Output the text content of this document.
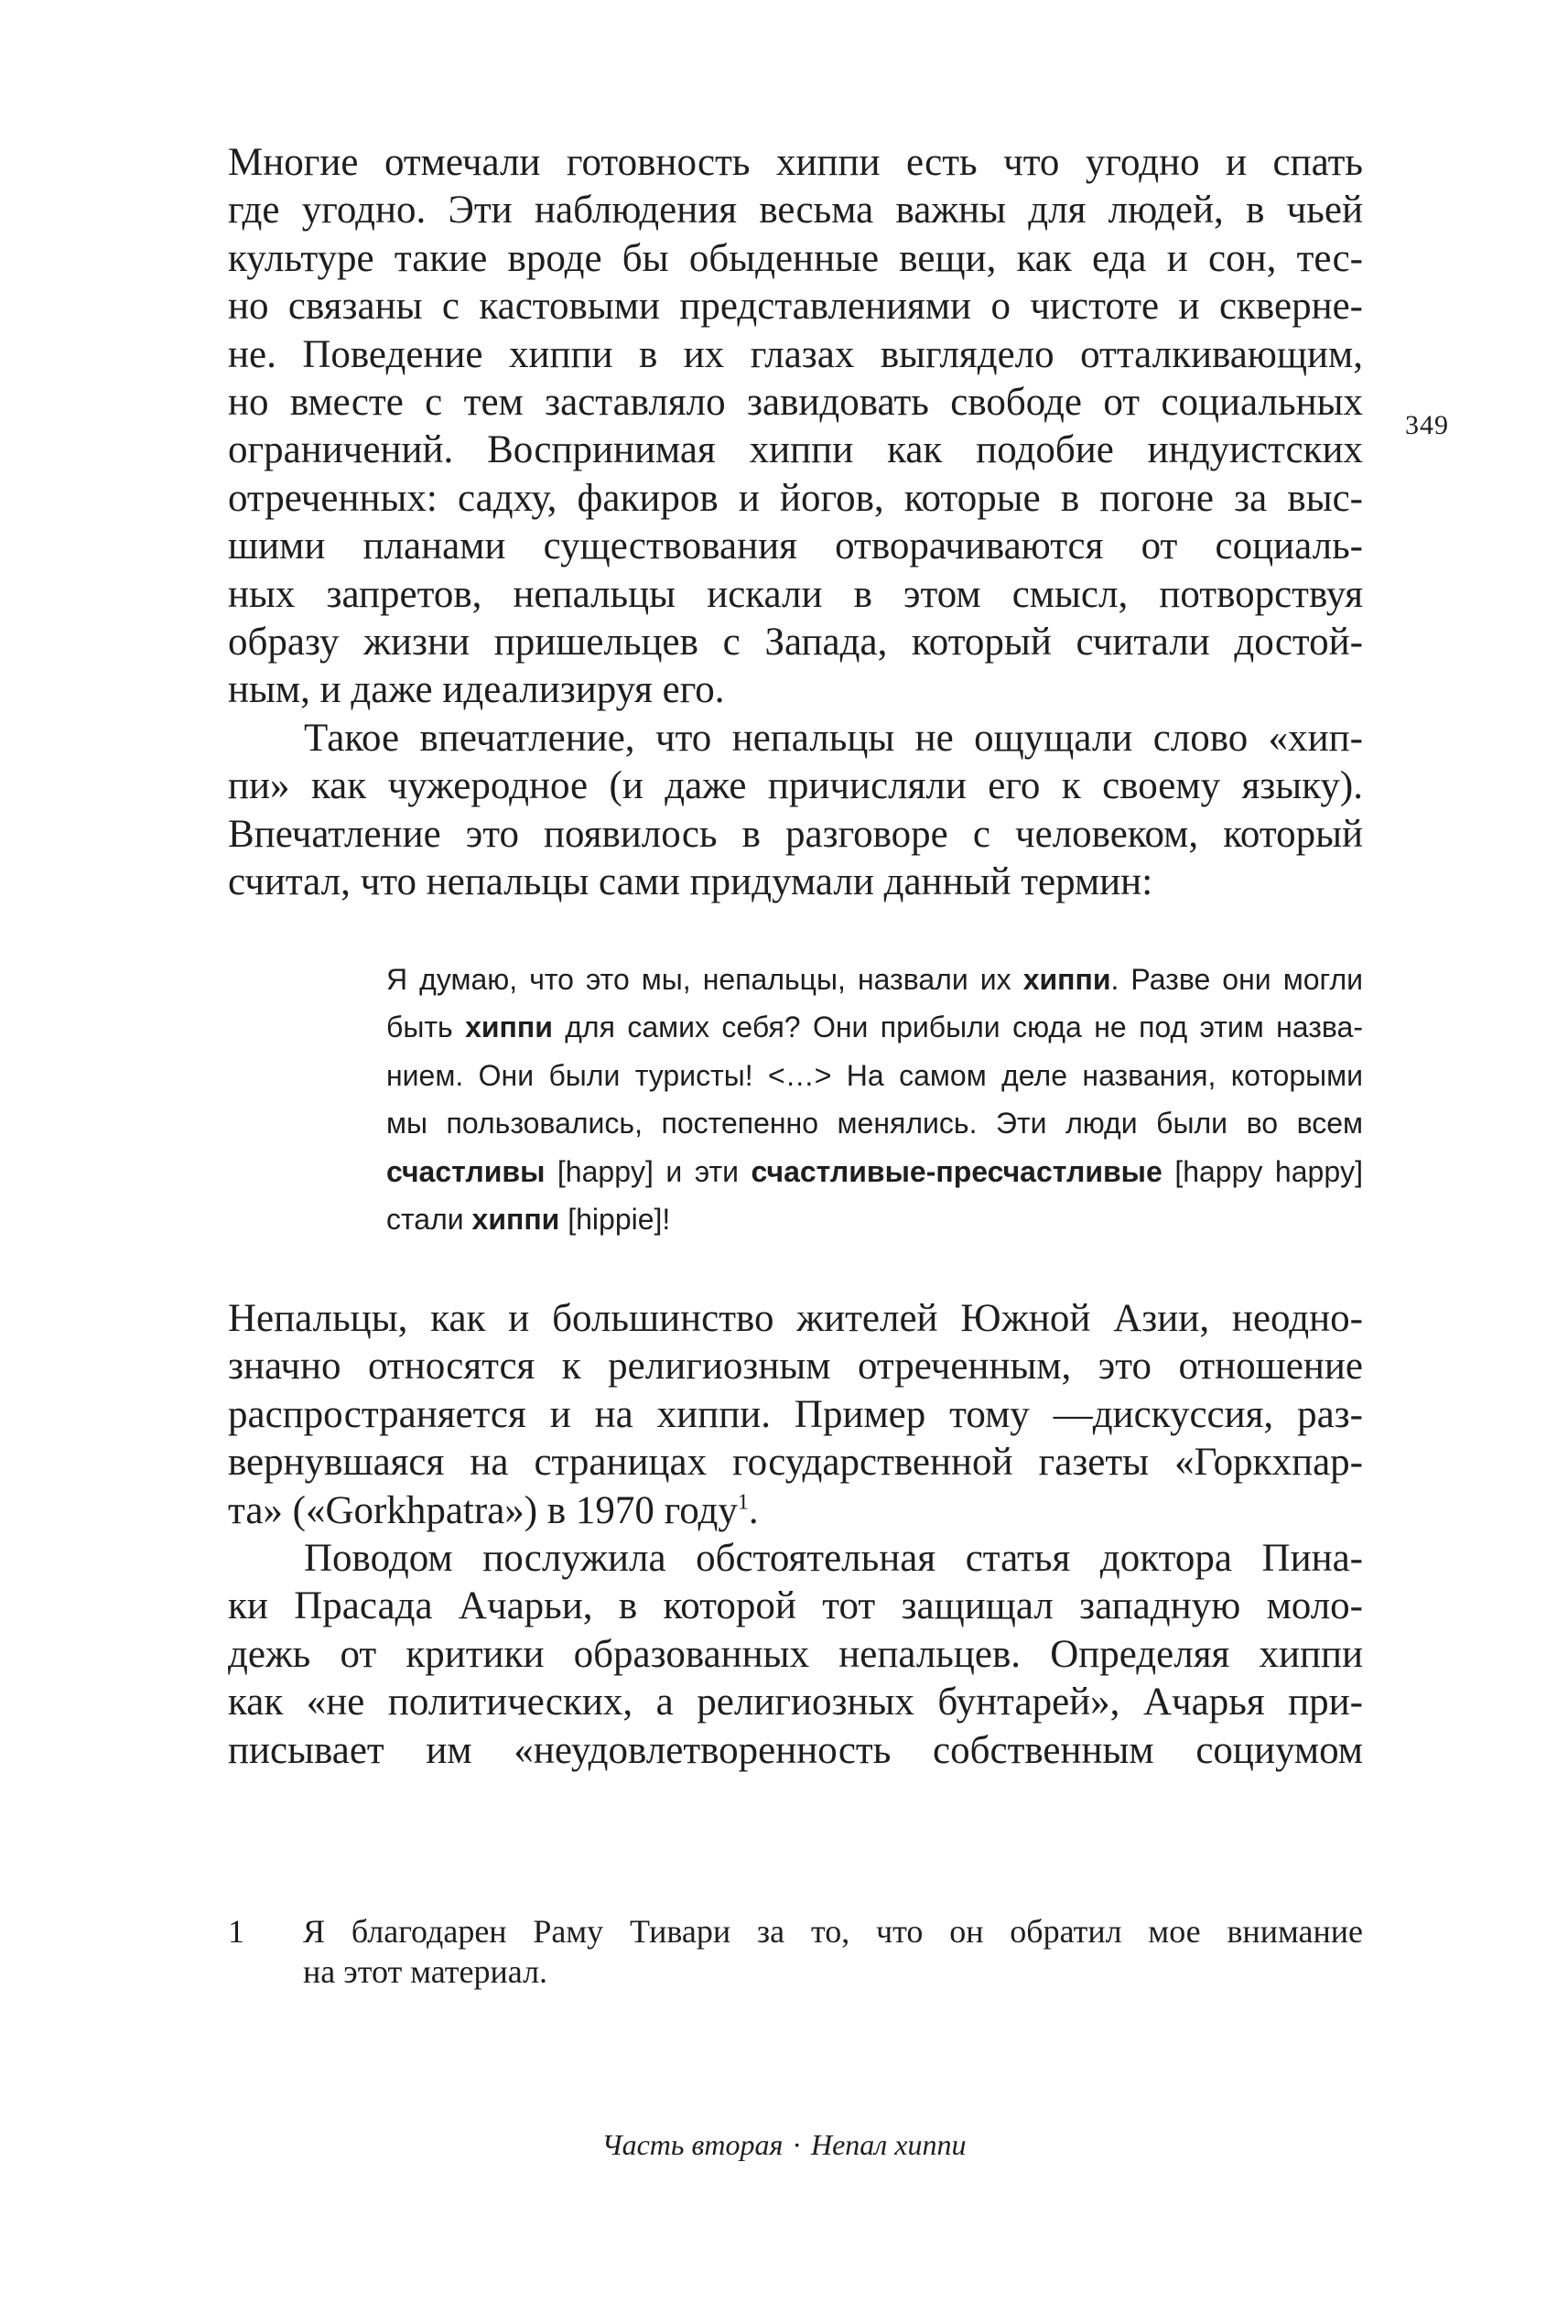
Многие отмечали готовность хиппи есть что угодно и спать
где угодно. Эти наблюдения весьма важны для людей, в чьей
культуре такие вроде бы обыденные вещи, как еда и сон, тес-
но связаны с кастовыми представлениями о чистоте и скверне-
не. Поведение хиппи в их глазах выглядело отталкивающим,
но вместе с тем заставляло завидовать свободе от социальных
ограничений. Воспринимая хиппи как подобие индуистских
отреченных: садху, факиров и йогов, которые в погоне за выс-
шими планами существования отворачиваются от социаль-
ных запретов, непальцы искали в этом смысл, потворствуя
образу жизни пришельцев с Запада, который считали достой-
ным, и даже идеализируя его.
349
Такое впечатление, что непальцы не ощущали слово «хип-
пи» как чужеродное (и даже причисляли его к своему языку).
Впечатление это появилось в разговоре с человеком, который
считал, что непальцы сами придумали данный термин:
Я думаю, что это мы, непальцы, назвали их хиппи. Разве они могли
быть хиппи для самих себя? Они прибыли сюда не под этим назва-
нием. Они были туристы! <…> На самом деле названия, которыми
мы пользовались, постепенно менялись. Эти люди были во всем
счастливы [happy] и эти счастливые-пресчастливые [happy happy]
стали хиппи [hippie]!
Непальцы, как и большинство жителей Южной Азии, неодно-
значно относятся к религиозным отреченным, это отношение
распространяется и на хиппи. Пример тому —дискуссия, раз-
вернувшаяся на страницах государственной газеты «Горкхпар-
та» («Gorkhpatra») в 1970 году$^1$.
Поводом послужила обстоятельная статья доктора Пина-
ки Прасада Ачарьи, в которой тот защищал западную моло-
дежь от критики образованных непальцев. Определяя хиппи
как «не политических, а религиозных бунтарей», Ачарья при-
писывает им «неудовлетворенность собственным социумом
1 Я благодарен Раму Тивари за то, что он обратил мое внимание
на этот материал.
Часть вторая · Непал хиппи
